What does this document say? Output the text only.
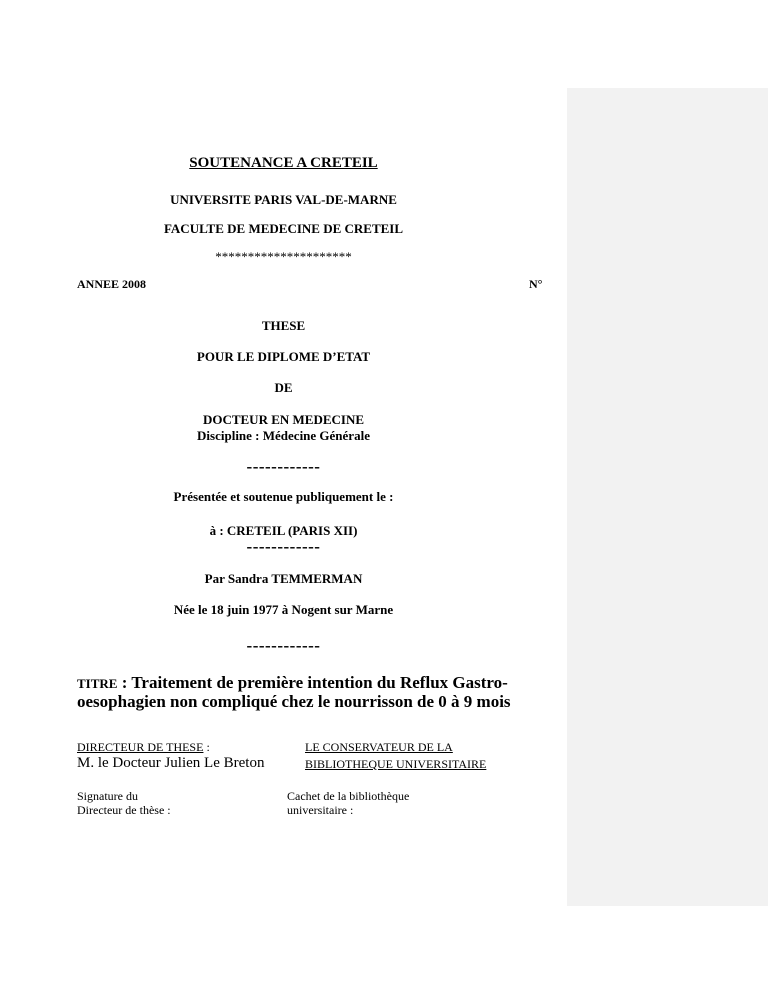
SOUTENANCE A CRETEIL
UNIVERSITE PARIS VAL-DE-MARNE
FACULTE DE MEDECINE DE CRETEIL
*********************
ANNEE 2008	N°
THESE
POUR LE DIPLOME D’ETAT
DE
DOCTEUR EN MEDECINE
Discipline : Médecine Générale
------------
Présentée et soutenue publiquement le :
à : CRETEIL (PARIS XII)
------------
Par Sandra TEMMERMAN
Née le 18 juin 1977 à Nogent sur Marne
------------
TITRE : Traitement de première intention du Reflux Gastro-
oesophagien non compliqué chez le nourrisson de 0 à 9 mois
DIRECTEUR DE THESE :
M. le Docteur Julien Le Breton
LE CONSERVATEUR DE LA
BIBLIOTHEQUE UNIVERSITAIRE
Signature du
Directeur de thèse :
Cachet de la bibliothèque
universitaire :
